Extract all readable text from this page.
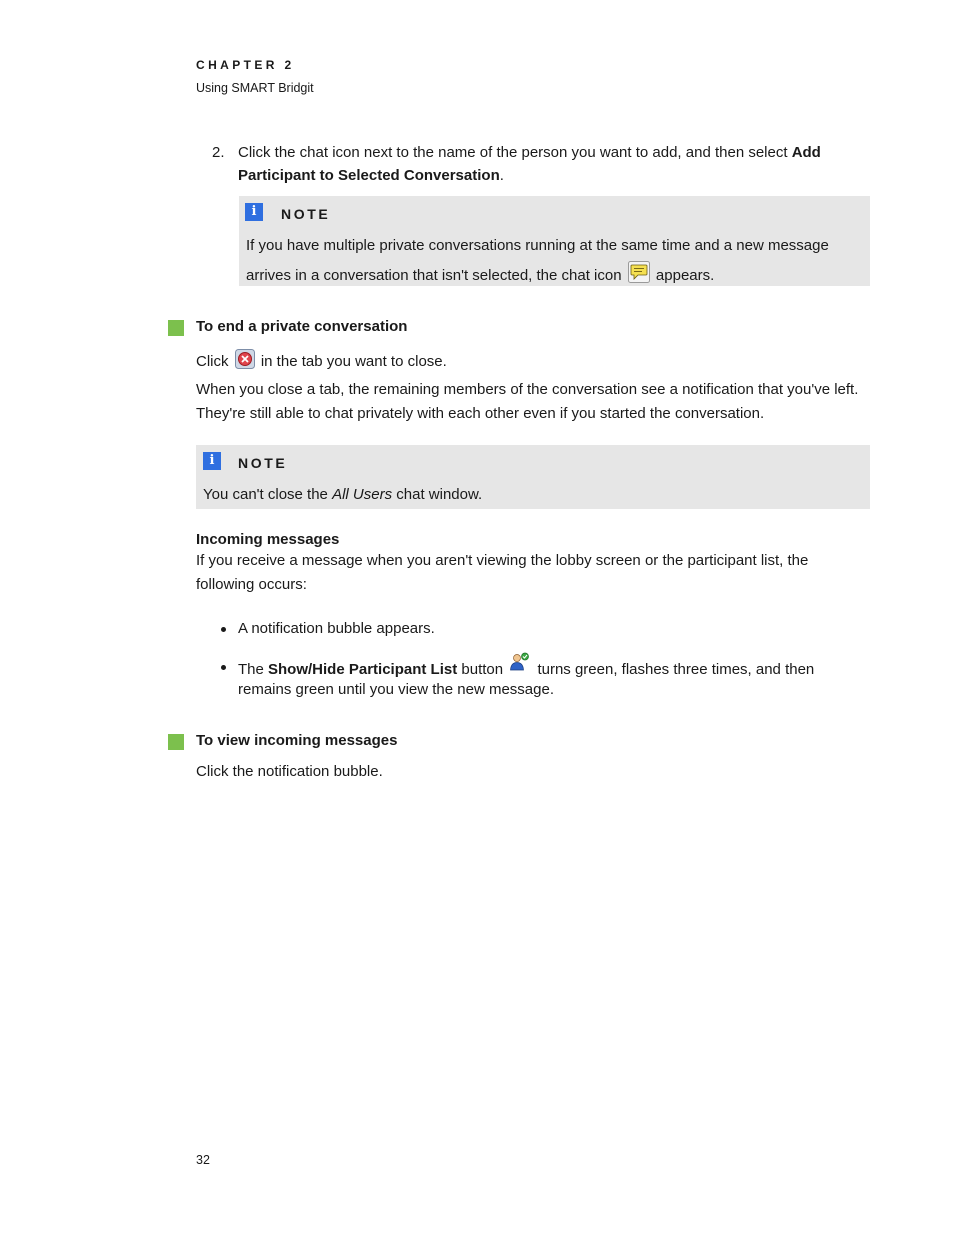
CHAPTER 2
Using SMART Bridgit
2. Click the chat icon next to the name of the person you want to add, and then select Add Participant to Selected Conversation.
i	NOTE
If you have multiple private conversations running at the same time and a new message arrives in a conversation that isn't selected, the chat icon appears.
To end a private conversation
Click in the tab you want to close.
When you close a tab, the remaining members of the conversation see a notification that you've left. They're still able to chat privately with each other even if you started the conversation.
i	NOTE
You can't close the All Users chat window.
Incoming messages
If you receive a message when you aren't viewing the lobby screen or the participant list, the following occurs:
A notification bubble appears.
The Show/Hide Participant List button turns green, flashes three times, and then remains green until you view the new message.
To view incoming messages
Click the notification bubble.
32
